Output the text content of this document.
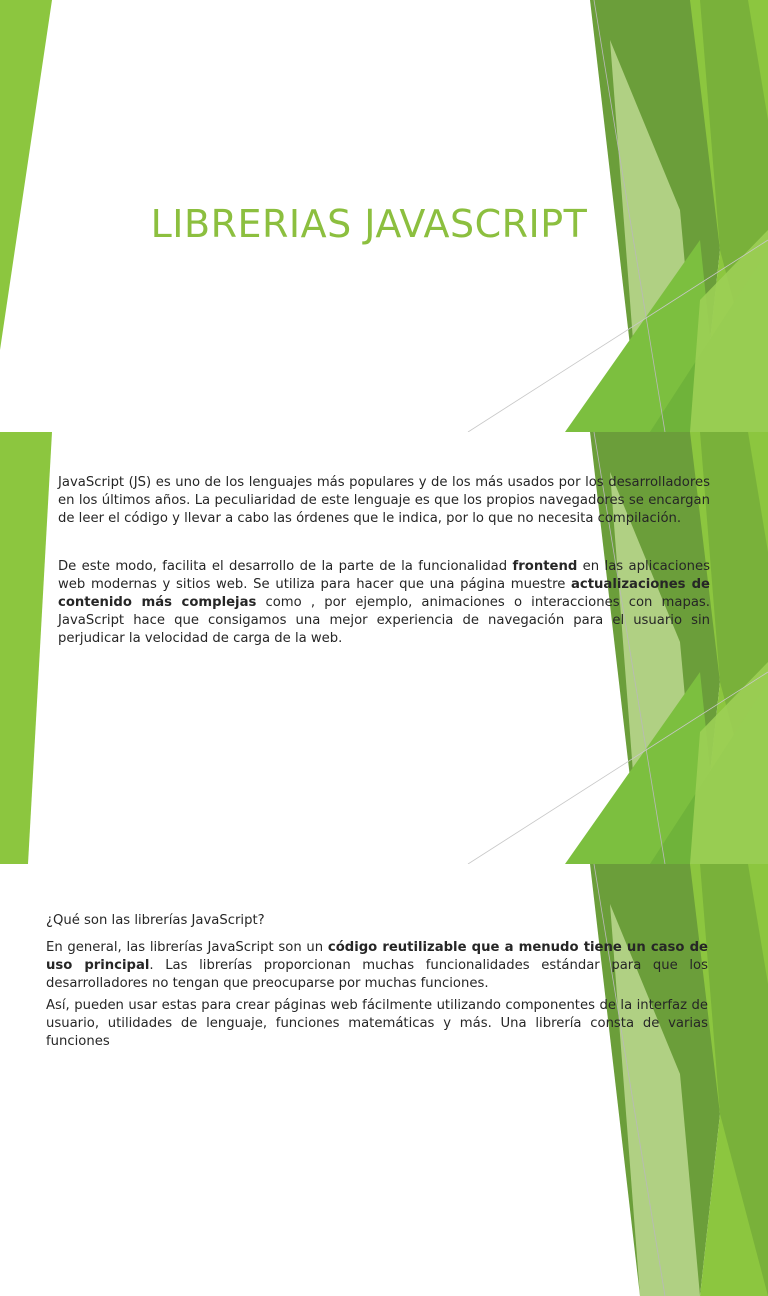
LIBRERIAS JAVASCRIPT
JavaScript (JS) es uno de los lenguajes más populares y de los más usados por los desarrolladores en los últimos años. La peculiaridad de este lenguaje es que los propios navegadores se encargan de leer el código y llevar a cabo las órdenes que le indica, por lo que no necesita compilación.
De este modo, facilita el desarrollo de la parte de la funcionalidad frontend en las aplicaciones web modernas y sitios web. Se utiliza para hacer que una página muestre actualizaciones de contenido más complejas como , por ejemplo, animaciones o interacciones con mapas. JavaScript hace que consigamos una mejor experiencia de navegación para el usuario sin perjudicar la velocidad de carga de la web.
¿Qué son las librerías JavaScript?
En general, las librerías JavaScript son un código reutilizable que a menudo tiene un caso de uso principal. Las librerías proporcionan muchas funcionalidades estándar para que los desarrolladores no tengan que preocuparse por muchas funciones.
Así, pueden usar estas para crear páginas web fácilmente utilizando componentes de la interfaz de usuario, utilidades de lenguaje, funciones matemáticas y más. Una librería consta de varias funciones
